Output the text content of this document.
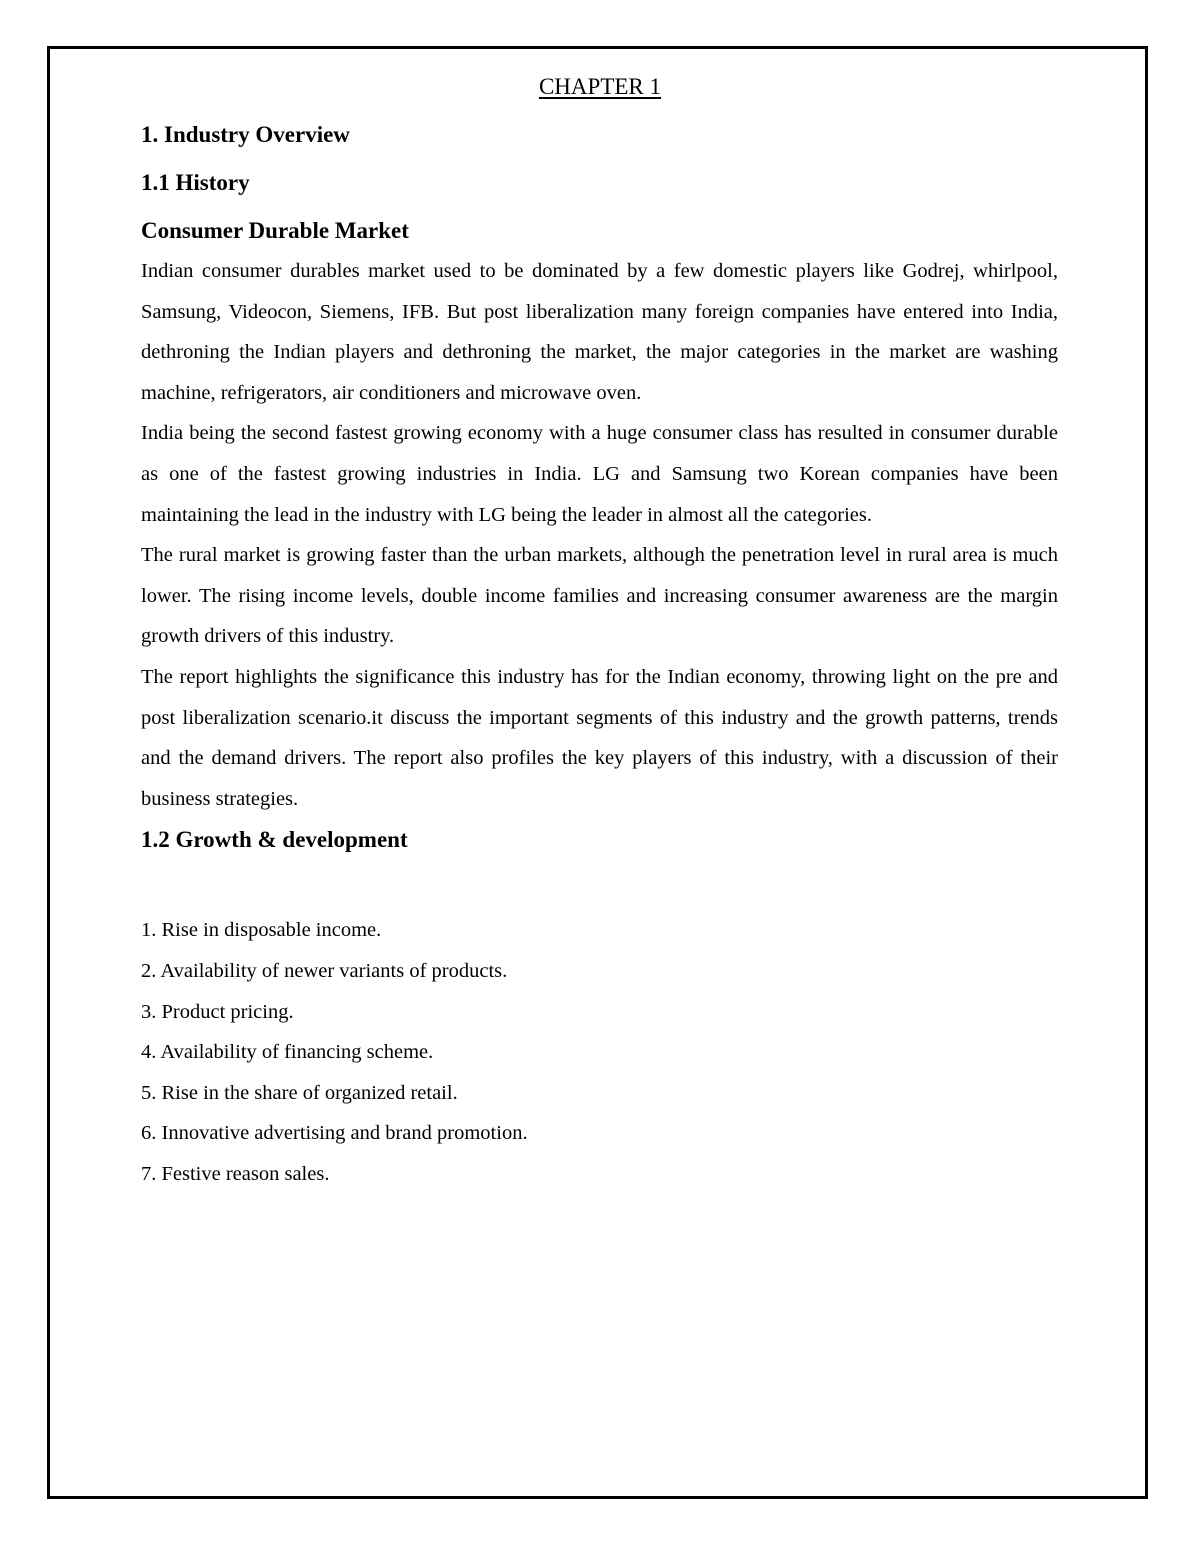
CHAPTER 1
1. Industry Overview
1.1 History
Consumer Durable Market

Indian consumer durables market used to be dominated by a few domestic players like Godrej, whirlpool, Samsung, Videocon, Siemens, IFB. But post liberalization many foreign companies have entered into India, dethroning the Indian players and dethroning the market, the major categories in the market are washing machine, refrigerators, air conditioners and microwave oven.

India being the second fastest growing economy with a huge consumer class has resulted in consumer durable as one of the fastest growing industries in India. LG and Samsung two Korean companies have been maintaining the lead in the industry with LG being the leader in almost all the categories.

The rural market is growing faster than the urban markets, although the penetration level in rural area is much lower. The rising income levels, double income families and increasing consumer awareness are the margin growth drivers of this industry.

The report highlights the significance this industry has for the Indian economy, throwing light on the pre and post liberalization scenario.it discuss the important segments of this industry and the growth patterns, trends and the demand drivers. The report also profiles the key players of this industry, with a discussion of their business strategies.

1.2 Growth & development
1. Rise in disposable income.
2. Availability of newer variants of products.
3. Product pricing.
4. Availability of financing scheme.
5. Rise in the share of organized retail.
6. Innovative advertising and brand promotion.
7. Festive reason sales.
